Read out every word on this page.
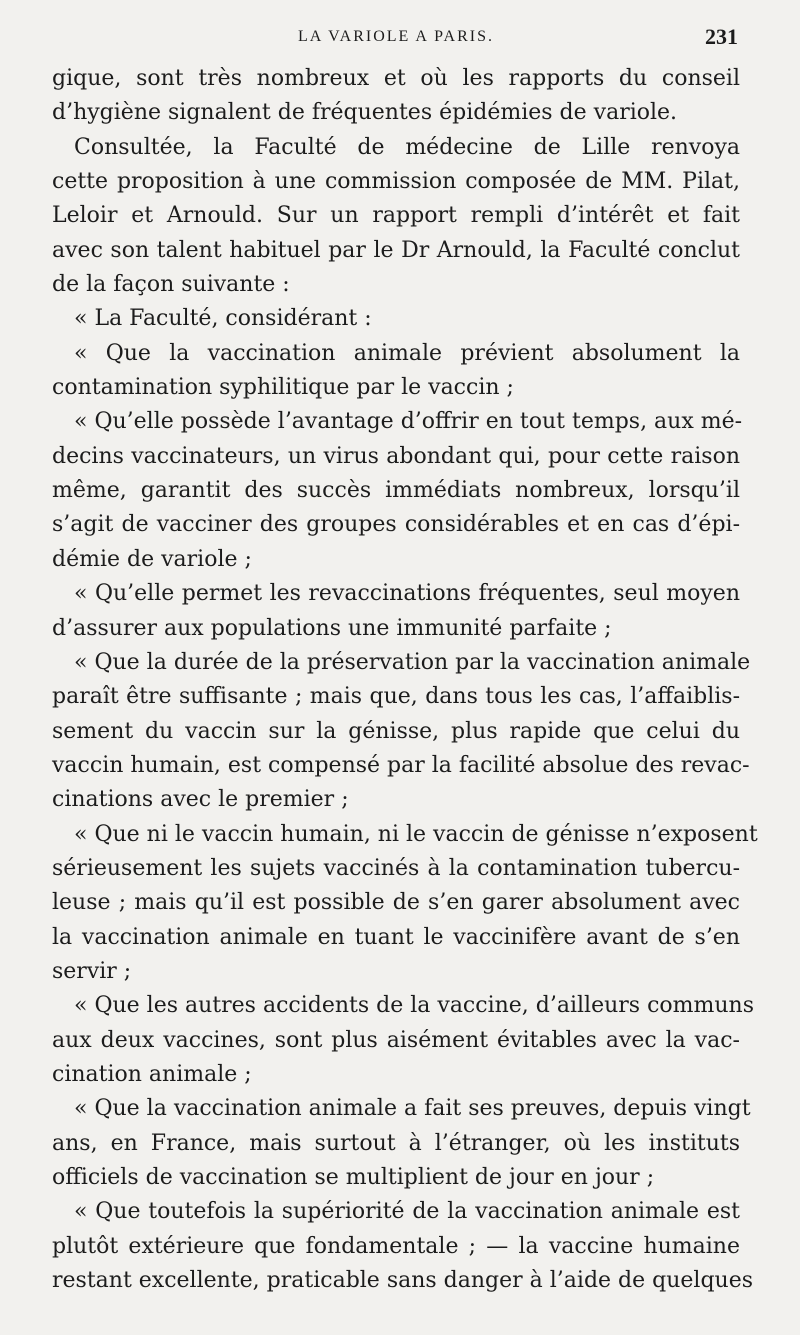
LA VARIOLE A PARIS.	231
gique, sont très nombreux et où les rapports du conseil
d’hygiène signalent de fréquentes épidémies de variole.
Consultée, la Faculté de médecine de Lille renvoya
cette proposition à une commission composée de MM. Pilat,
Leloir et Arnould. Sur un rapport rempli d’intérêt et fait
avec son talent habituel par le Dr Arnould, la Faculté conclut
de la façon suivante :
« La Faculté, considérant :
« Que la vaccination animale prévient absolument la
contamination syphilitique par le vaccin ;
« Qu’elle possède l’avantage d’offrir en tout temps, aux mé-
decins vaccinateurs, un virus abondant qui, pour cette raison
même, garantit des succès immédiats nombreux, lorsqu’il
s’agit de vacciner des groupes considérables et en cas d’épi-
démie de variole ;
« Qu’elle permet les revaccinations fréquentes, seul moyen
d’assurer aux populations une immunité parfaite ;
« Que la durée de la préservation par la vaccination animale
paraît être suffisante ; mais que, dans tous les cas, l’affaiblis-
sement du vaccin sur la génisse, plus rapide que celui du
vaccin humain, est compensé par la facilité absolue des revac-
cinations avec le premier ;
« Que ni le vaccin humain, ni le vaccin de génisse n’exposent
sérieusement les sujets vaccinés à la contamination tubercu-
leuse ; mais qu’il est possible de s’en garer absolument avec
la vaccination animale en tuant le vaccinifère avant de s’en
servir ;
« Que les autres accidents de la vaccine, d’ailleurs communs
aux deux vaccines, sont plus aisément évitables avec la vac-
cination animale ;
« Que la vaccination animale a fait ses preuves, depuis vingt
ans, en France, mais surtout à l’étranger, où les instituts
officiels de vaccination se multiplient de jour en jour ;
« Que toutefois la supériorité de la vaccination animale est
plutôt extérieure que fondamentale ; — la vaccine humaine
restant excellente, praticable sans danger à l’aide de quelques
